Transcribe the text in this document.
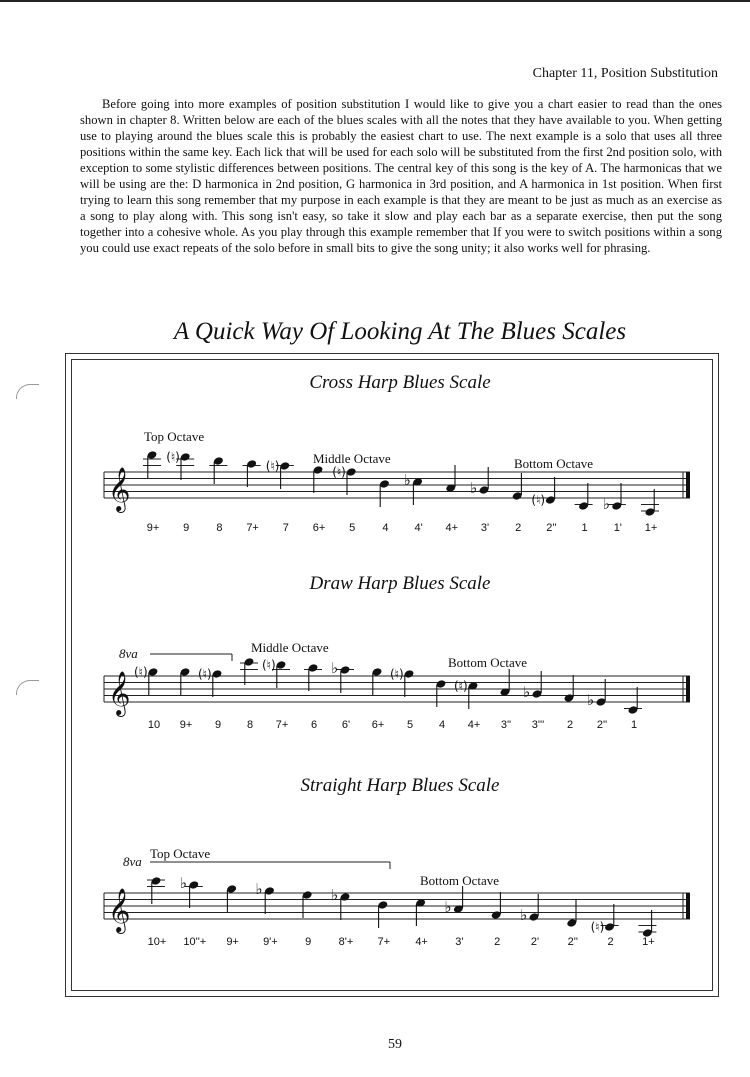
Chapter 11, Position Substitution
Before going into more examples of position substitution I would like to give you a chart easier to read than the ones shown in chapter 8. Written below are each of the blues scales with all the notes that they have available to you. When getting use to playing around the blues scale this is probably the easiest chart to use. The next example is a solo that uses all three positions within the same key. Each lick that will be used for each solo will be substituted from the first 2nd position solo, with exception to some stylistic differences between positions. The central key of this song is the key of A. The harmonicas that we will be using are the: D harmonica in 2nd position, G harmonica in 3rd position, and A harmonica in 1st position. When first trying to learn this song remember that my purpose in each example is that they are meant to be just as much as an exercise as a song to play along with. This song isn't easy, so take it slow and play each bar as a separate exercise, then put the song together into a cohesive whole. As you play through this example remember that If you were to switch positions within a song you could use exact repeats of the solo before in small bits to give the song unity; it also works well for phrasing.
A Quick Way Of Looking At The Blues Scales
Cross Harp Blues Scale
Draw Harp Blues Scale
Straight Harp Blues Scale
𝄞
9+
(♮)
9 8 7+
(♮)
7 6+
(♮)
5 4
♭
4' 4+
♭
3' 2
(♮)
2'' 1
♭
1' 1+
Top Octave
Middle Octave	Bottom Octave
𝄞 (♮)
10 9+
(♮)
9 8
(♮)
7+ 6
♭
6' 6+
(♮)
5 4
(♮)
4+ 3''
♭
3''' 2
♭
2'' 1
Middle Octave
Bottom Octave
8va
𝄞
10+
♭
10''+ 9+
♭
9'+ 9
♭
8'+ 7+ 4+
♭
3'	2
♭
2'	2''
(♮)
2	1+
Top Octave
Bottom Octave
8va
59
